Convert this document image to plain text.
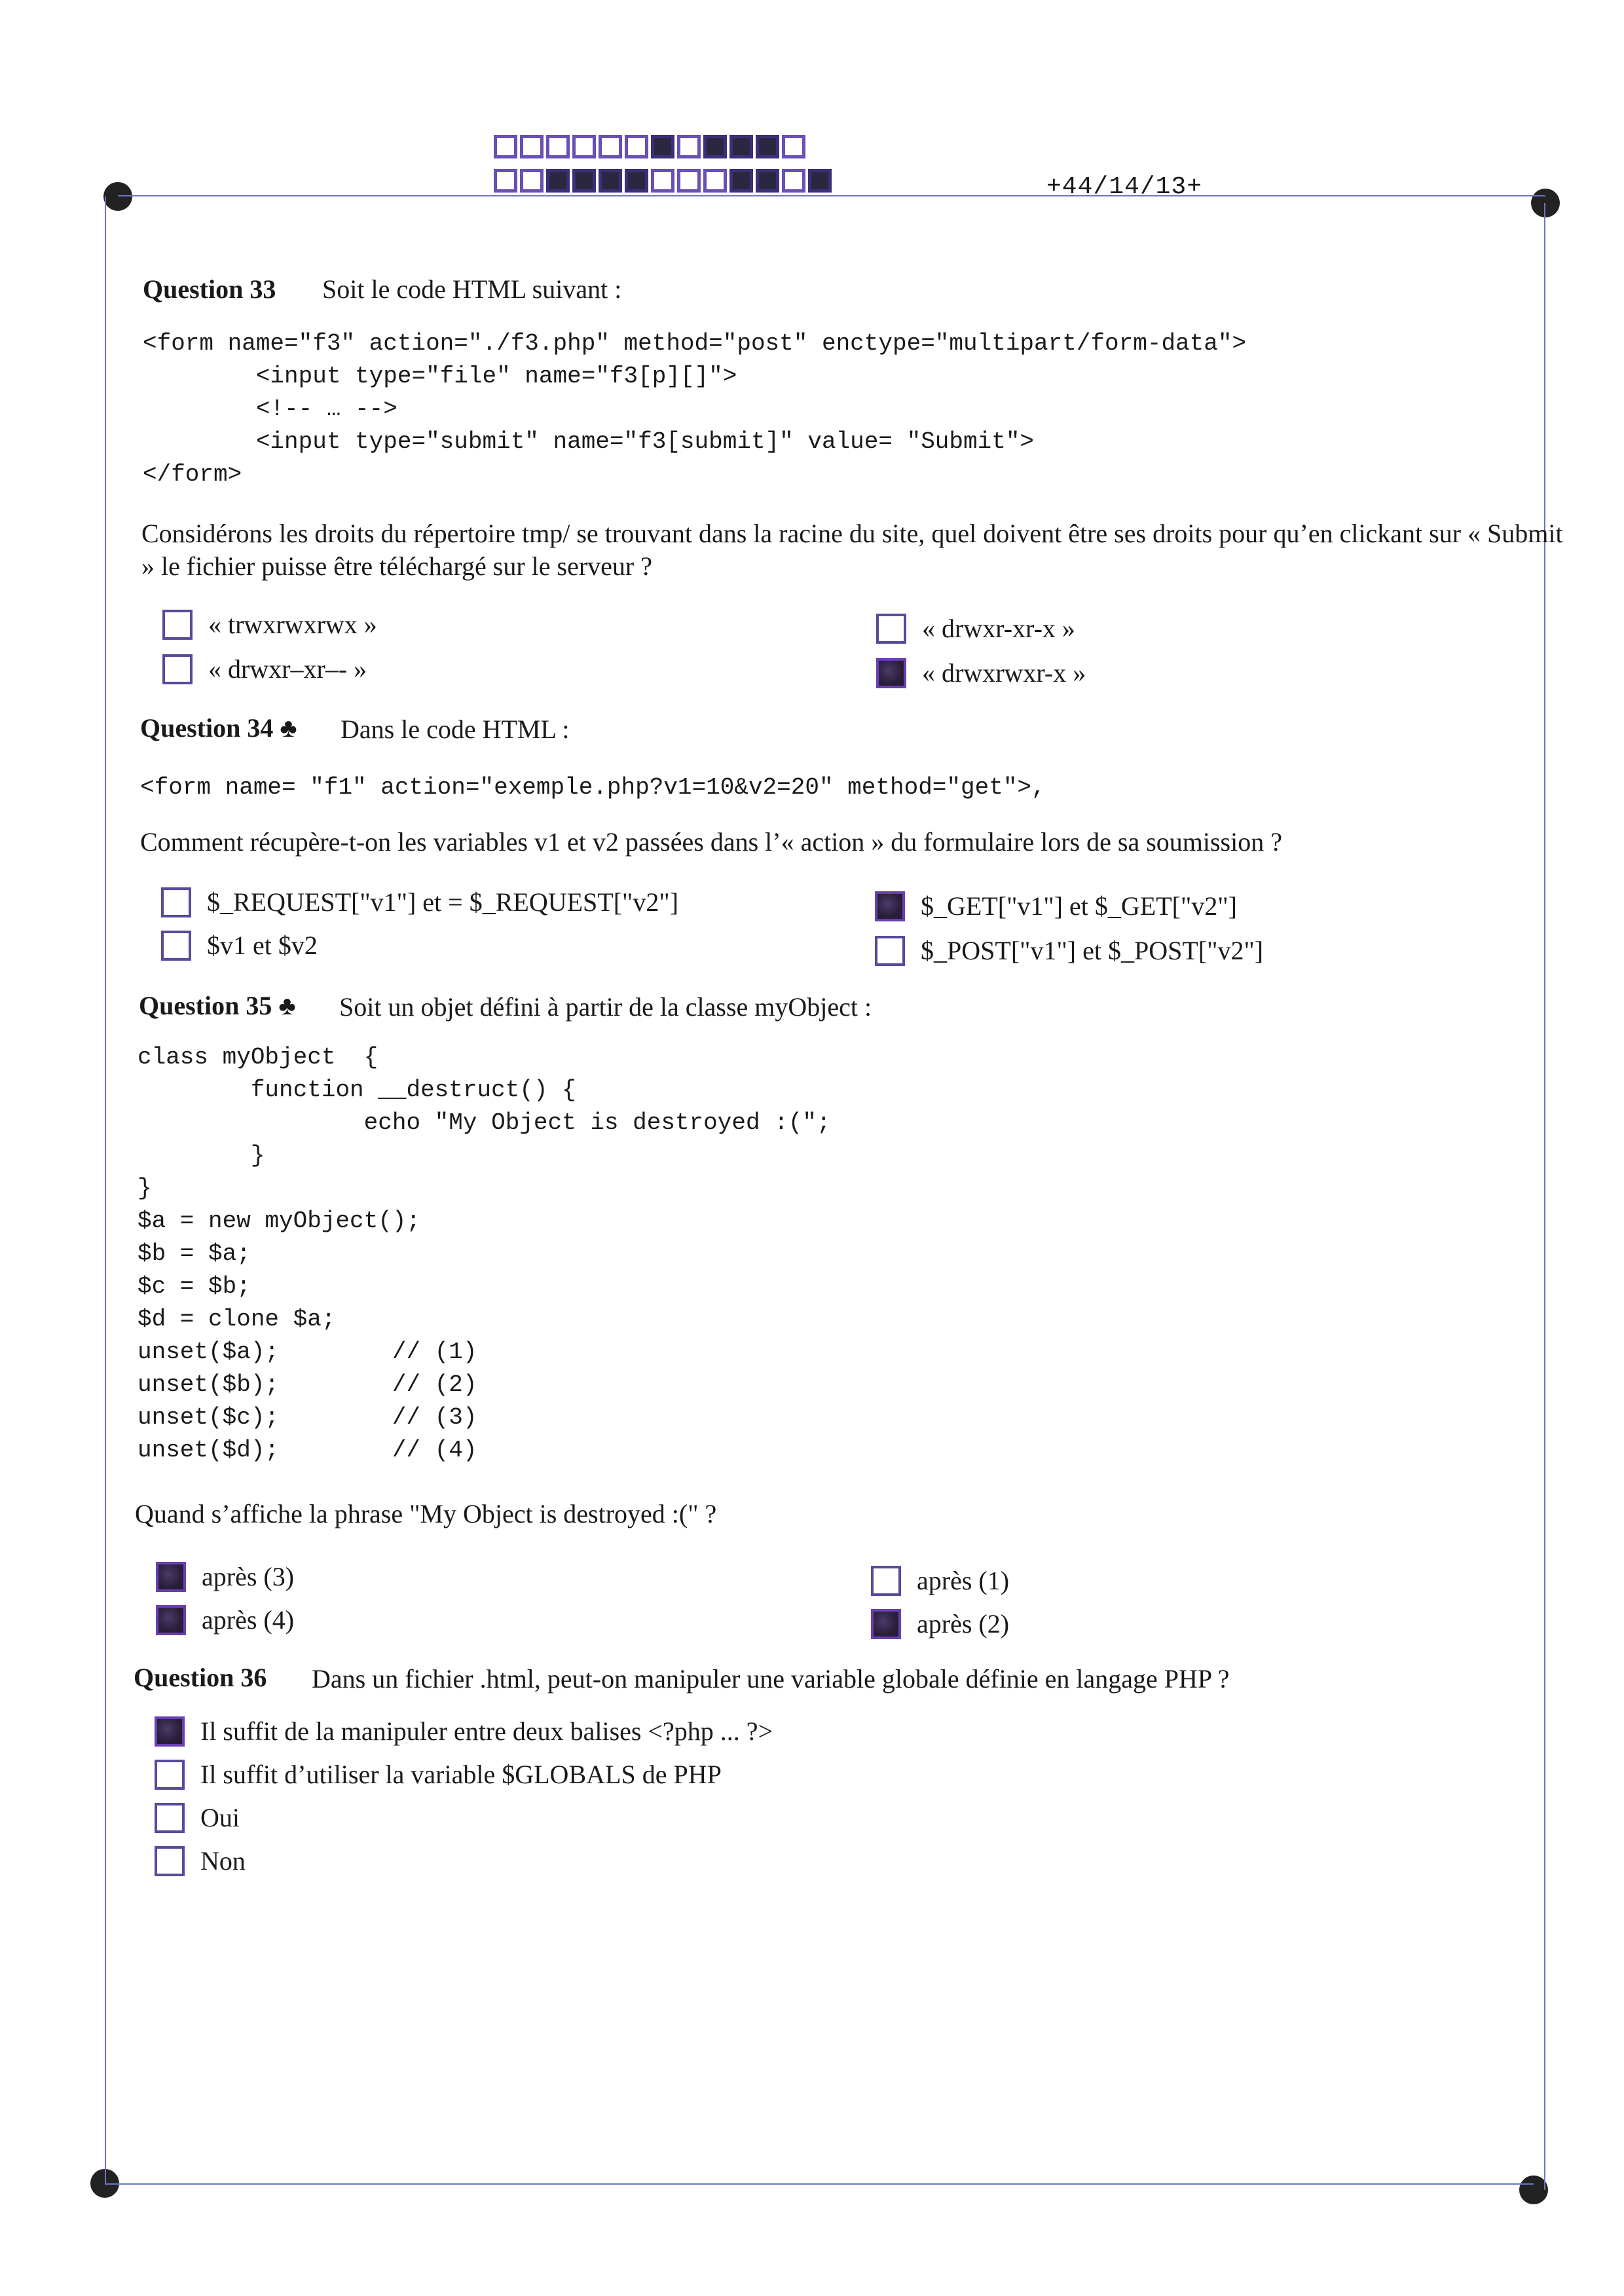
+44/14/13+
Question 33 Soit le code HTML suivant :
<form name="f3" action="./f3.php" method="post" enctype="multipart/form-data">
<input type="file" name="f3[p][]">
<!-- … -->
<input type="submit" name="f3[submit]" value= "Submit">
</form>
Considérons les droits du répertoire tmp/ se trouvant dans la racine du site, quel doivent être ses droits pour qu’en clickant sur « Submit » le fichier puisse être téléchargé sur le serveur ?
« trwxrwxrwx »
« drwxr–xr–- »
« drwxr-xr-x »
« drwxrwxr-x »
Question 34 ♣ Dans le code HTML :
<form name= "f1" action="exemple.php?v1=10&v2=20" method="get">,
Comment récupère-t-on les variables v1 et v2 passées dans l’« action » du formulaire lors de sa soumission ?
$_REQUEST["v1"] et = $_REQUEST["v2"]
$v1 et $v2
$_GET["v1"] et $_GET["v2"]
$_POST["v1"] et $_POST["v2"]
Question 35 ♣ Soit un objet défini à partir de la classe myObject :
class myObject  {
function __destruct() {
echo "My Object is destroyed :(";
}
}
$a = new myObject();
$b = $a;
$c = $b;
$d = clone $a;
unset($a);        // (1)
unset($b);        // (2)
unset($c);        // (3)
unset($d);        // (4)
Quand s’affiche la phrase "My Object is destroyed :(" ?
après (3)
après (4)
après (1)
après (2)
Question 36 Dans un fichier .html, peut-on manipuler une variable globale définie en langage PHP ?
Il suffit de la manipuler entre deux balises <?php ... ?>
Il suffit d’utiliser la variable $GLOBALS de PHP
Oui
Non
